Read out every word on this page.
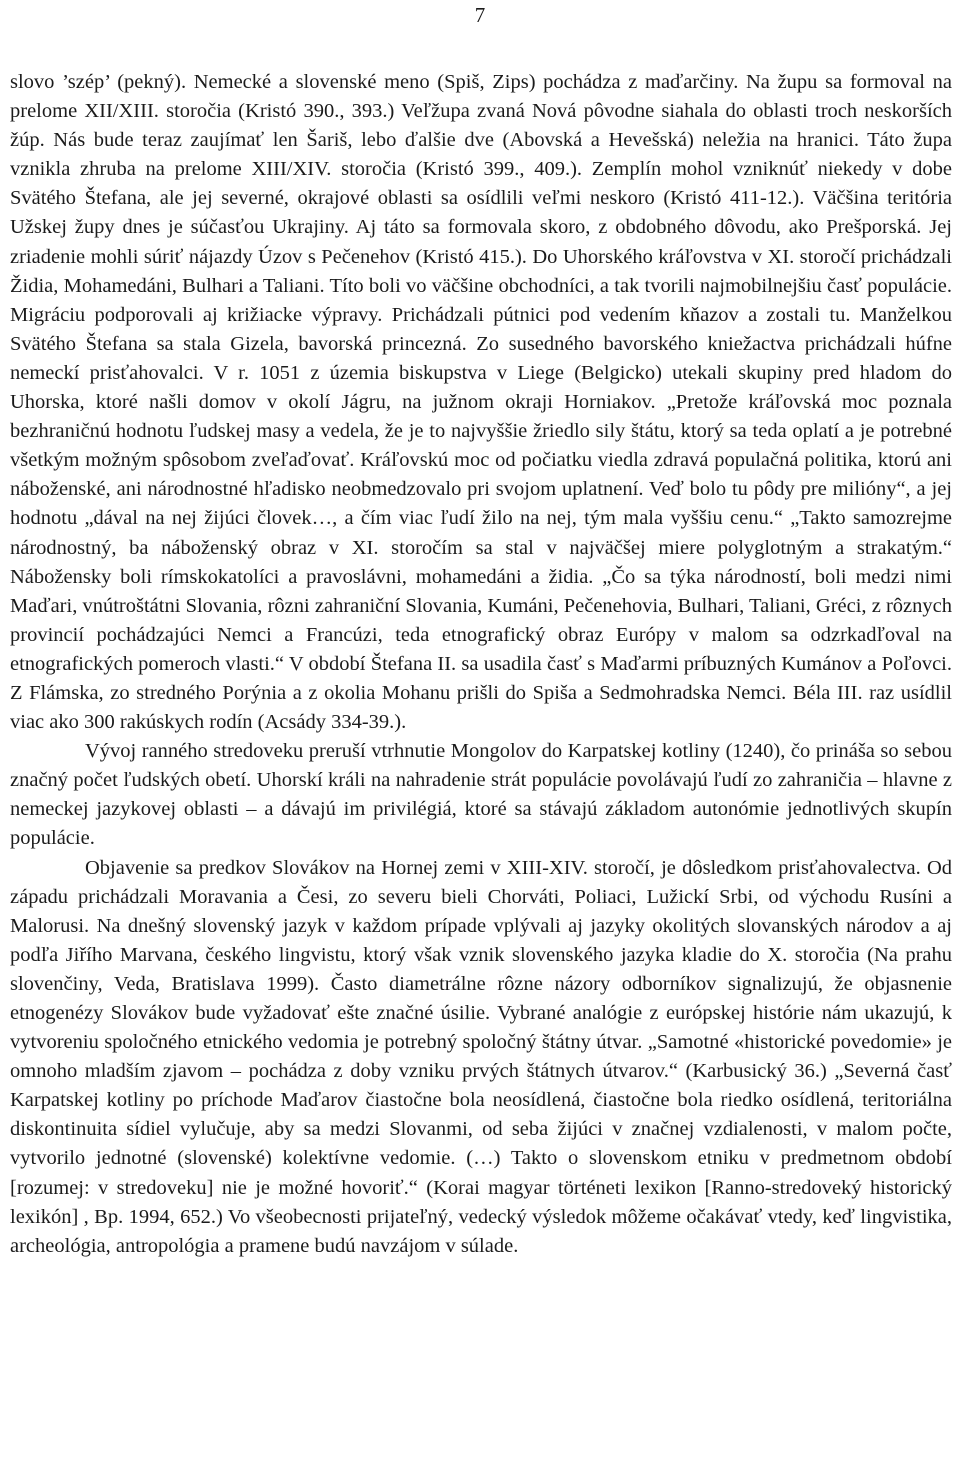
7

slovo ’szép’ (pekný). Nemecké a slovenské meno (Spiš, Zips) pochádza z maďarčiny. Na župu sa formoval na prelome XII/XIII. storočia (Kristó 390., 393.) Veľžupa zvaná Nová pôvodne siahala do oblasti troch neskorších žúp. Nás bude teraz zaujímať len Šariš, lebo ďalšie dve (Abovská a Hevešská) neležia na hranici. Táto župa vznikla zhruba na prelome XIII/XIV. storočia (Kristó 399., 409.). Zemplín mohol vzniknúť niekedy v dobe Svätého Štefana, ale jej severné, okrajové oblasti sa osídlili veľmi neskoro (Kristó 411-12.). Väčšina teritória Užskej župy dnes je súčasťou Ukrajiny. Aj táto sa formovala skoro, z obdobného dôvodu, ako Prešporská. Jej zriadenie mohli súriť nájazdy Úzov s Pečenehov (Kristó 415.). Do Uhorského kráľovstva v XI. storočí prichádzali Židia, Mohamedáni, Bulhari a Taliani. Títo boli vo väčšine obchodníci, a tak tvorili najmobilnejšiu časť populácie. Migráciu podporovali aj križiacke výpravy. Prichádzali pútnici pod vedením kňazov a zostali tu. Manželkou Svätého Štefana sa stala Gizela, bavorská princezná. Zo susedného bavorského kniežactva prichádzali húfne nemeckí prisťahovalci. V r. 1051 z územia biskupstva v Liege (Belgicko) utekali skupiny pred hladom do Uhorska, ktoré našli domov v okolí Jágru, na južnom okraji Horniakov. „Pretože kráľovská moc poznala bezhraničnú hodnotu ľudskej masy a vedela, že je to najvyššie žriedlo sily štátu, ktorý sa teda oplatí a je potrebné všetkým možným spôsobom zveľaďovať. Kráľovskú moc od počiatku viedla zdravá populačná politika, ktorú ani náboženské, ani národnostné hľadisko neobmedzovalo pri svojom uplatnení. Veď bolo tu pôdy pre milióny“, a jej hodnotu „dával na nej žijúci človek…, a čím viac ľudí žilo na nej, tým mala vyššiu cenu.“ „Takto samozrejme národnostný, ba náboženský obraz v XI. storočím sa stal v najväčšej miere polyglotným a strakatým.“ Nábožensky boli rímskokatolíci a pravoslávni, mohamedáni a židia. „Čo sa týka národností, boli medzi nimi Maďari, vnútroštátni Slovania, rôzni zahraniční Slovania, Kumáni, Pečenehovia, Bulhari, Taliani, Gréci, z rôznych provincií pochádzajúci Nemci a Francúzi, teda etnografický obraz Európy v malom sa odzrkadľoval na etnografických pomeroch vlasti.“ V období Štefana II. sa usadila časť s Maďarmi príbuzných Kumánov a Poľovci. Z Flámska, zo stredného Porýnia a z okolia Mohanu prišli do Spiša a Sedmohradska Nemci. Béla III. raz usídlil viac ako 300 rakúskych rodín (Acsády 334-39.).

Vývoj ranného stredoveku preruší vtrhnutie Mongolov do Karpatskej kotliny (1240), čo prináša so sebou značný počet ľudských obetí. Uhorskí králi na nahradenie strát populácie povolávajú ľudí zo zahraničia – hlavne z nemeckej jazykovej oblasti – a dávajú im privilégiá, ktoré sa stávajú základom autonómie jednotlivých skupín populácie.

Objavenie sa predkov Slovákov na Hornej zemi v XIII-XIV. storočí, je dôsledkom prisťahovalectva. Od západu prichádzali Moravania a Česi, zo severu bieli Chorváti, Poliaci, Lužickí Srbi, od východu Rusíni a Malorusi. Na dnešný slovenský jazyk v každom prípade vplývali aj jazyky okolitých slovanských národov a aj podľa Jiřího Marvana, českého lingvistu, ktorý však vznik slovenského jazyka kladie do X. storočia (Na prahu slovenčiny, Veda, Bratislava 1999). Často diametrálne rôzne názory odborníkov signalizujú, že objasnenie etnogenézy Slovákov bude vyžadovať ešte značné úsilie. Vybrané analógie z európskej histórie nám ukazujú, k vytvoreniu spoločného etnického vedomia je potrebný spoločný štátny útvar. „Samotné «historické povedomie» je omnoho mladším zjavom – pochádza z doby vzniku prvých štátnych útvarov.“ (Karbusický 36.) „Severná časť Karpatskej kotliny po príchode Maďarov čiastočne bola neosídlená, čiastočne bola riedko osídlená, teritoriálna diskontinuita sídiel vylučuje, aby sa medzi Slovanmi, od seba žijúci v značnej vzdialenosti, v malom počte, vytvorilo jednotné (slovenské) kolektívne vedomie. (…) Takto o slovenskom etniku v predmetnom období [rozumej: v stredoveku] nie je možné hovoriť.“ (Korai magyar történeti lexikon [Ranno-stredoveký historický lexikón] , Bp. 1994, 652.) Vo všeobecnosti prijateľný, vedecký výsledok môžeme očakávať vtedy, keď lingvistika, archeológia, antropológia a pramene budú navzájom v súlade.
